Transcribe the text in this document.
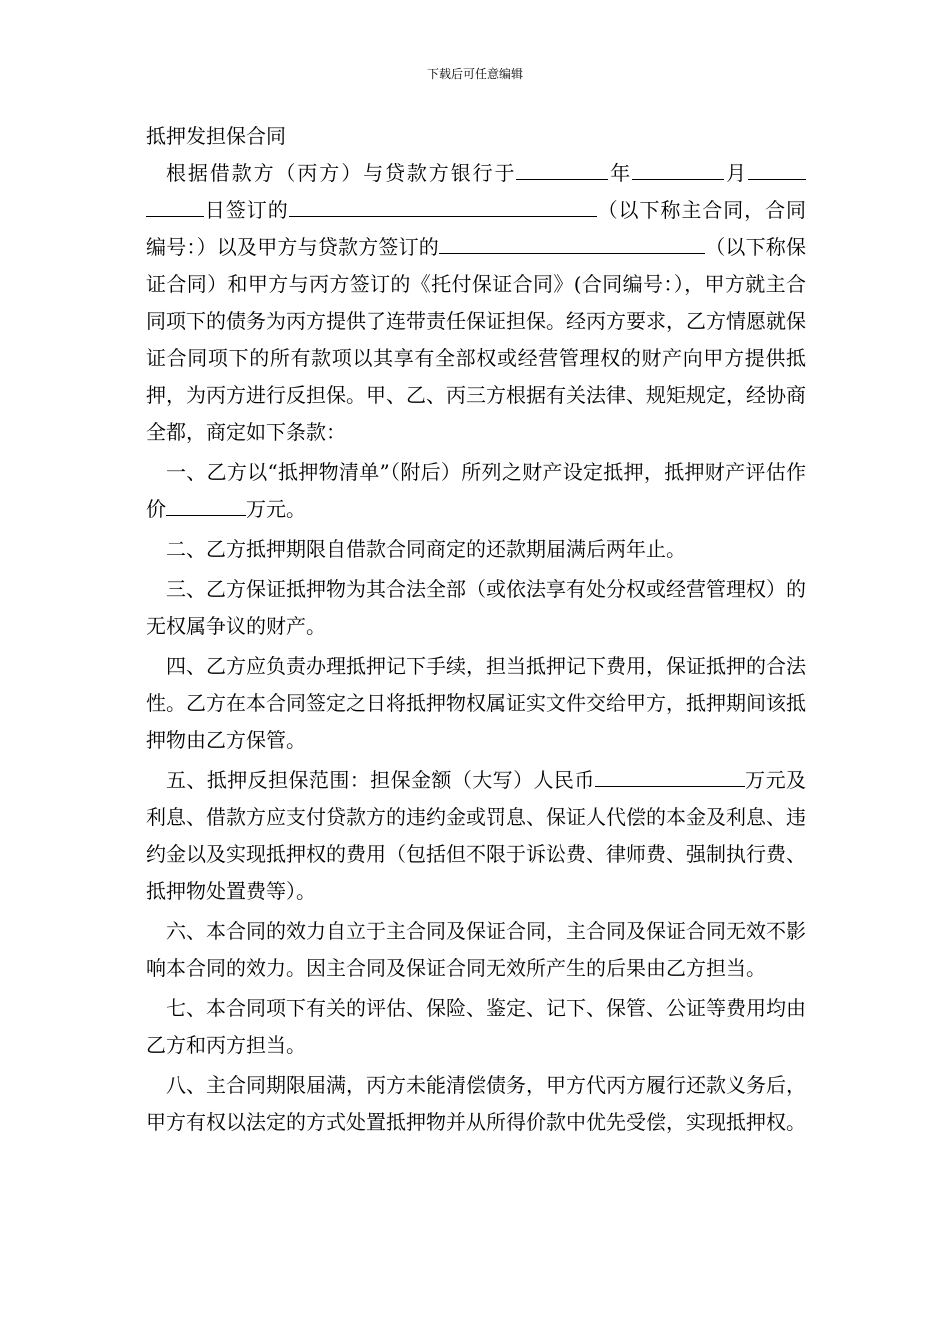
下载后可任意编辑
抵押发担保合同

根据借款方（丙方）与贷款方银行于	年	月日签订的	（以下称主合同，合同编号：）以及甲方与贷款方签订的	（以下称保证合同）和甲方与丙方签订的《托付保证合同》(合同编号：），甲方就主合同项下的债务为丙方提供了连带责任保证担保。经丙方要求，乙方情愿就保证合同项下的所有款项以其享有全部权或经营管理权的财产向甲方提供抵押，为丙方进行反担保。甲、乙、丙三方根据有关法律、规矩规定，经协商全都，商定如下条款：

一、乙方以“抵押物清单”（附后）所列之财产设定抵押，抵押财产评估作价	万元。

二、乙方抵押期限自借款合同商定的还款期届满后两年止。

三、乙方保证抵押物为其合法全部（或依法享有处分权或经营管理权）的无权属争议的财产。

四、乙方应负责办理抵押记下手续，担当抵押记下费用，保证抵押的合法性。乙方在本合同签定之日将抵押物权属证实文件交给甲方，抵押期间该抵押物由乙方保管。

五、抵押反担保范围：担保金额（大写）人民币	万元及利息、借款方应支付贷款方的违约金或罚息、保证人代偿的本金及利息、违约金以及实现抵押权的费用（包括但不限于诉讼费、律师费、强制执行费、抵押物处置费等）。

六、本合同的效力自立于主合同及保证合同，主合同及保证合同无效不影响本合同的效力。因主合同及保证合同无效所产生的后果由乙方担当。

七、本合同项下有关的评估、保险、鉴定、记下、保管、公证等费用均由乙方和丙方担当。

八、主合同期限届满，丙方未能清偿债务，甲方代丙方履行还款义务后，甲方有权以法定的方式处置抵押物并从所得价款中优先受偿，实现抵押权。
